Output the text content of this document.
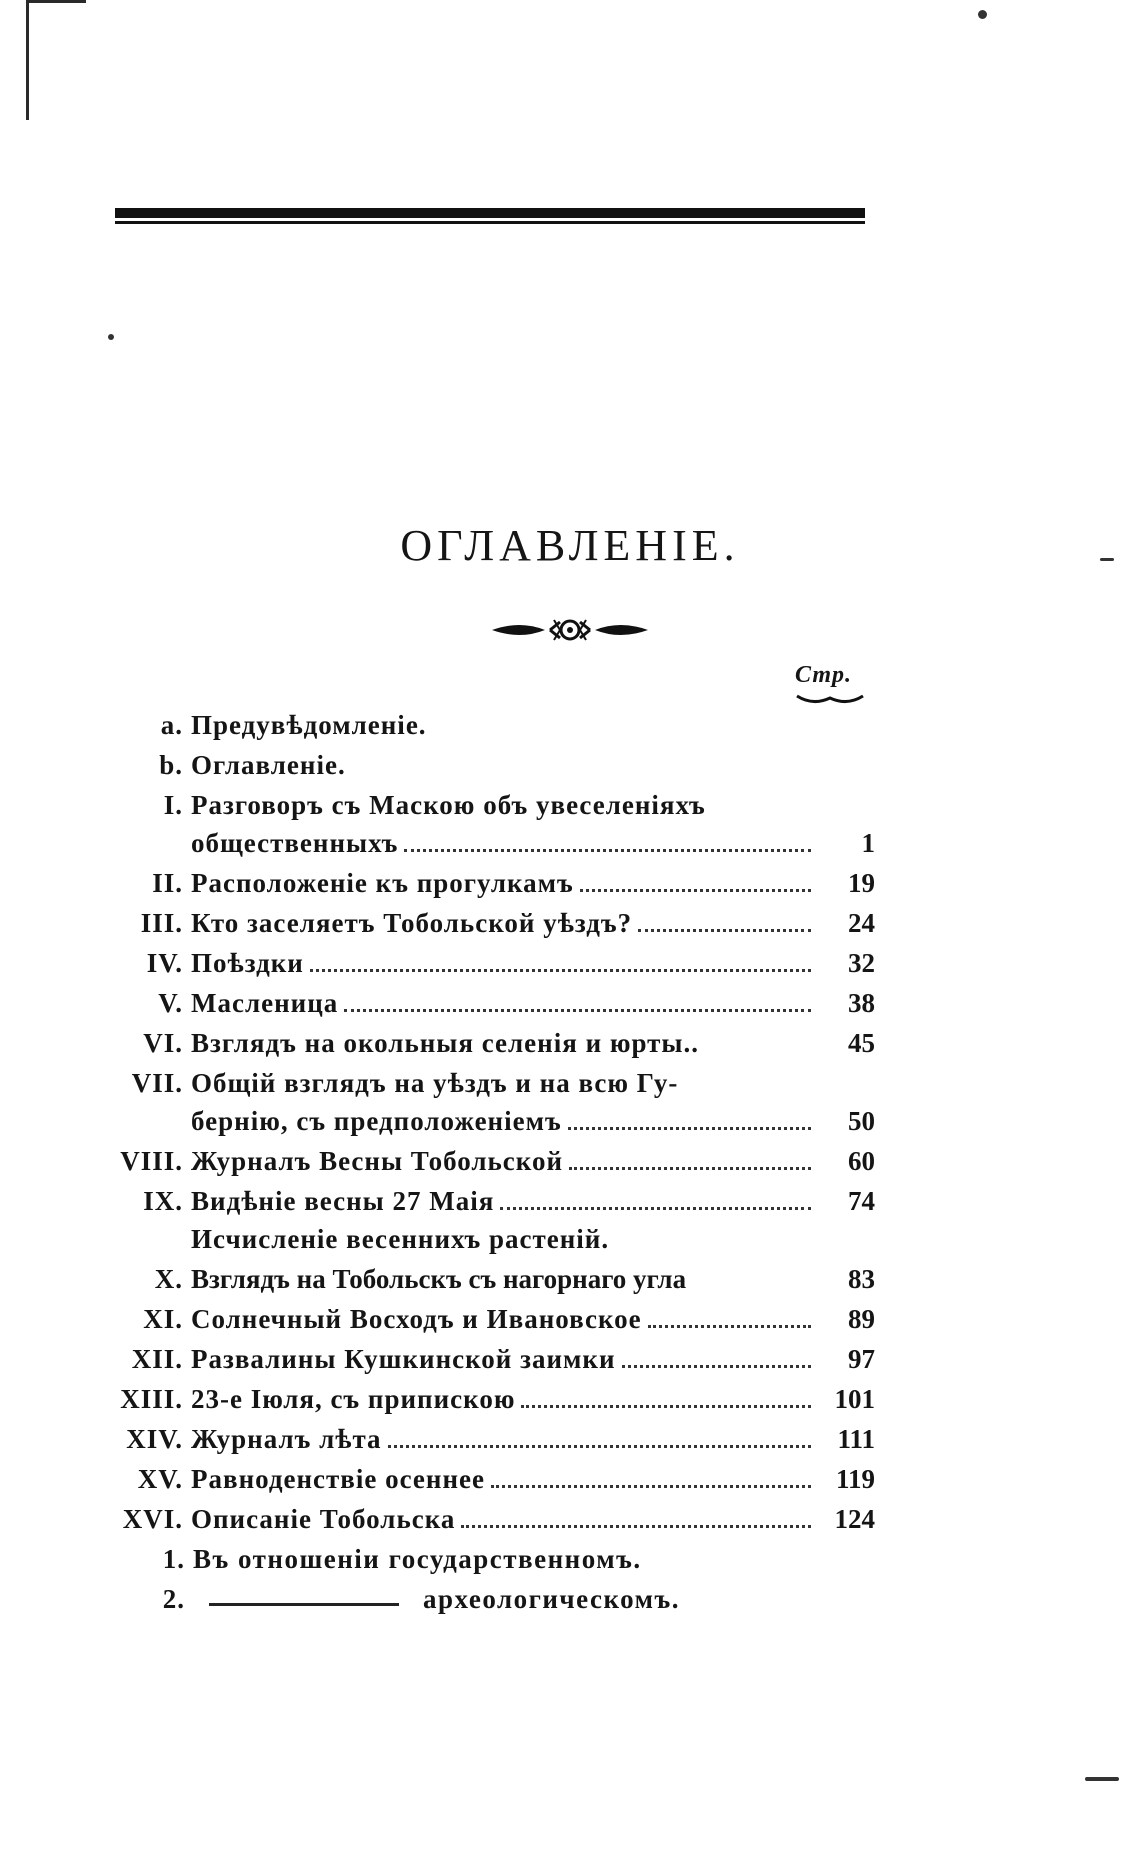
ОГЛАВЛЕНІЕ.
Стр.
a. Предувѣдомленіе.
b. Оглавленіе.
I. Разговоръ съ Маскою объ увеселеніяхъ
общественныхъ	1
II. Расположеніе къ прогулкамъ	19
III. Кто заселяетъ Тобольской уѣздъ?	24
IV. Поѣздки	32
V. Масленица	38
VI. Взглядъ на окольныя селенія и юрты..	45
VII. Общій взглядъ на уѣздъ и на всю Гу-
бернію, съ предположеніемъ	50
VIII. Журналъ Весны Тобольской	60
IX. Видѣніе весны 27 Маія	74
Исчисленіе весеннихъ растеній.
X. Взглядъ на Тобольскъ съ нагорнаго угла	83
XI. Солнечный Восходъ и Ивановское	89
XII. Развалины Кушкинской заимки	97
XIII. 23-е Іюля, съ припискою	101
XIV. Журналъ лѣта	111
XV. Равноденствіе осеннее	119
XVI. Описаніе Тобольска	124
1. Въ отношеніи государственномъ.
2.	археологическомъ.
